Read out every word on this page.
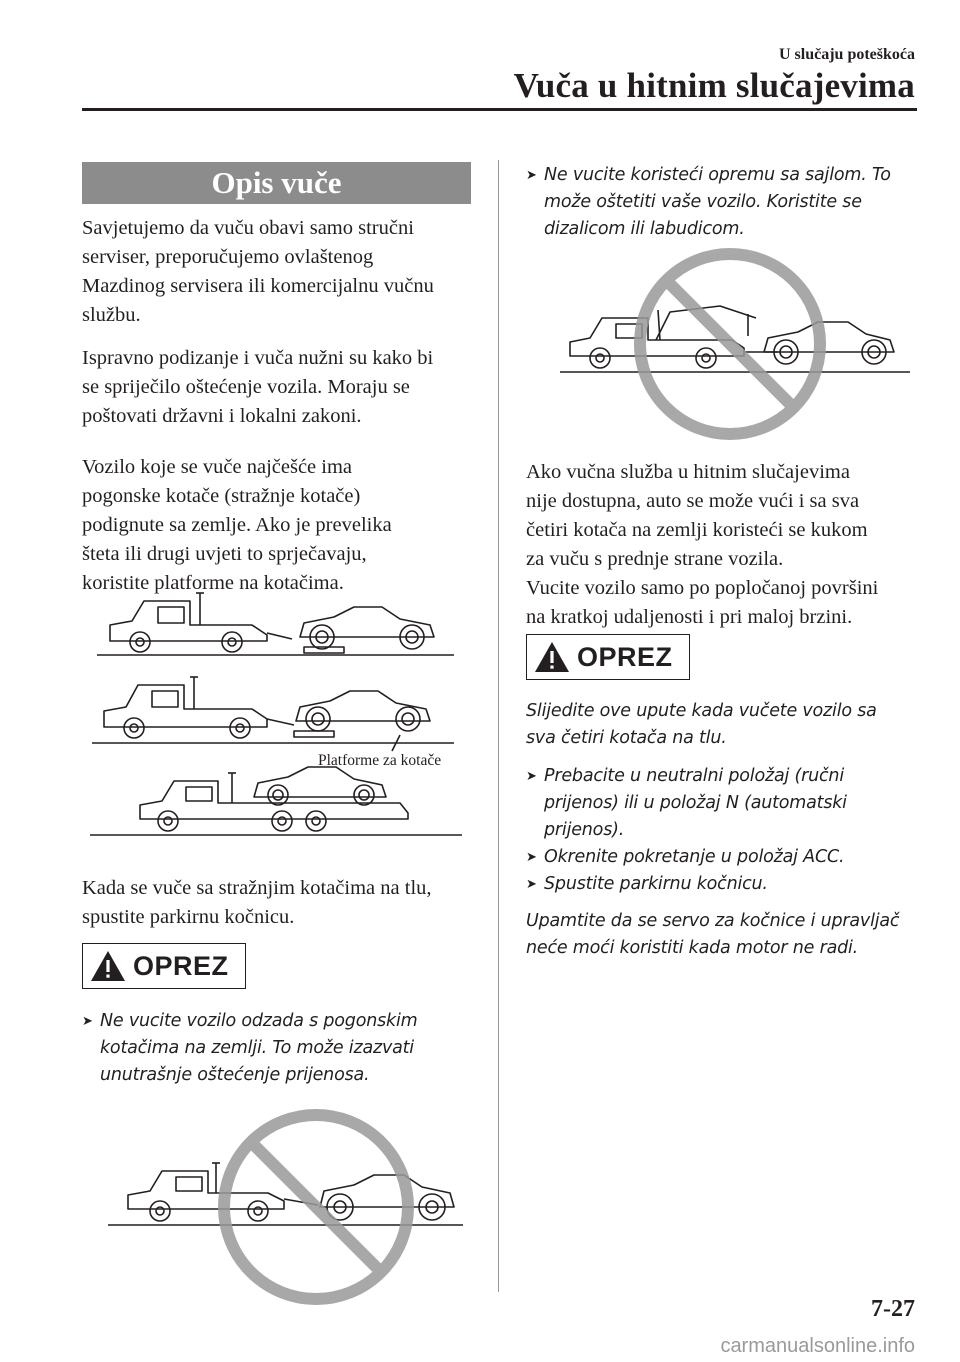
U slučaju poteškoća
Vuča u hitnim slučajevima
Opis vuče

Savjetujemo da vuču obavi samo stručni

serviser, preporučujemo ovlaštenog

Mazdinog servisera ili komercijalnu vučnu

službu.

Ispravno podizanje i vuča nužni su kako bi

se spriječilo oštećenje vozila. Moraju se

poštovati državni i lokalni zakoni.

Vozilo koje se vuče najčešće ima

pogonske kotače (stražnje kotače)

podignute sa zemlje. Ako je prevelika

šteta ili drugi uvjeti to sprječavaju,

koristite platforme na kotačima.

Platforme za kotače

Kada se vuče sa stražnjim kotačima na tlu,

spustite parkirnu kočnicu.

OPREZ
➤ Ne vucite vozilo odzada s pogonskim

kotačima na zemlji. To može izazvati

unutrašnje oštećenje prijenosa.

➤ Ne vucite koristeći opremu sa sajlom. To

može oštetiti vaše vozilo. Koristite se

dizalicom ili labudicom.

Ako vučna služba u hitnim slučajevima

nije dostupna, auto se može vući i sa sva

četiri kotača na zemlji koristeći se kukom

za vuču s prednje strane vozila.

Vucite vozilo samo po popločanoj površini

na kratkoj udaljenosti i pri maloj brzini.

OPREZ

Slijedite ove upute kada vučete vozilo sa

sva četiri kotača na tlu.

➤ Prebacite u neutralni položaj (ručni

prijenos) ili u položaj N (automatski

prijenos).

➤ Okrenite pokretanje u položaj ACC.

➤ Spustite parkirnu kočnicu.

Upamtite da se servo za kočnice i upravljač

neće moći koristiti kada motor ne radi.

7-27
carmanualsonline.info
